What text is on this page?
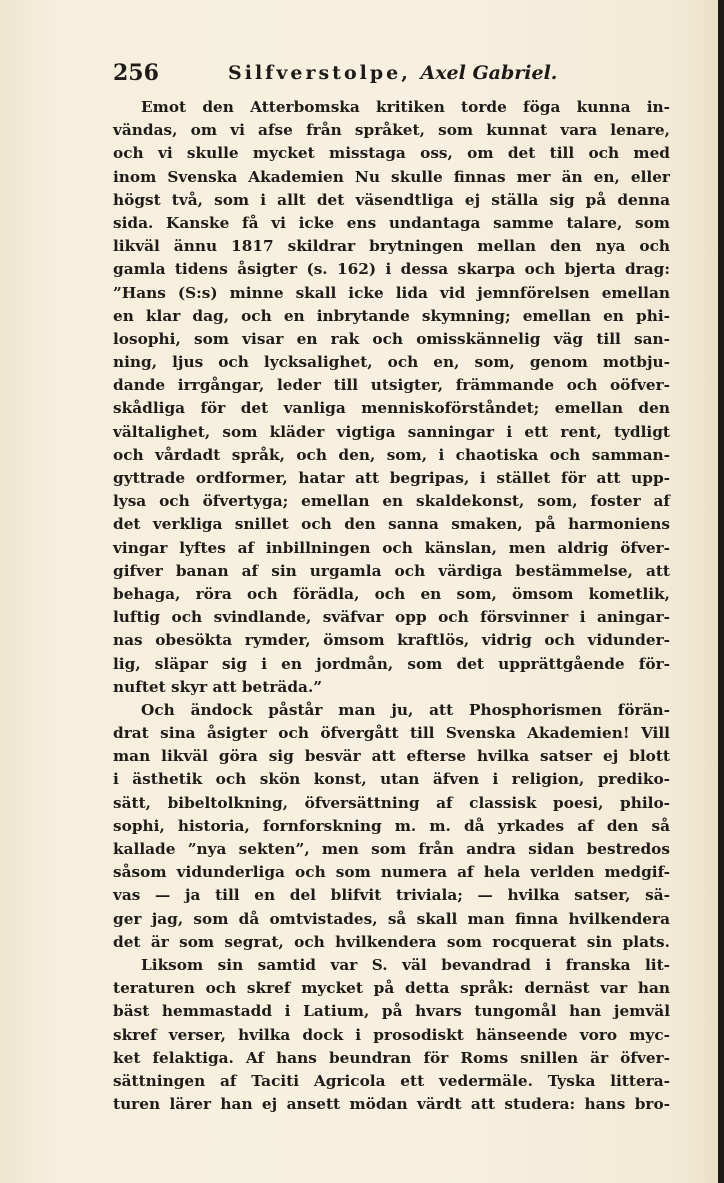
256	Silfverstolpe, Axel Gabriel.
Emot den Atterbomska kritiken torde föga kunna in-
vändas, om vi afse från språket, som kunnat vara lenare,
och vi skulle mycket misstaga oss, om det till och med
inom Svenska Akademien Nu skulle finnas mer än en, eller
högst två, som i allt det väsendtliga ej ställa sig på denna
sida. Kanske få vi icke ens undantaga samme talare, som
likväl ännu 1817 skildrar brytningen mellan den nya och
gamla tidens åsigter (s. 162) i dessa skarpa och bjerta drag:
”Hans (S:s) minne skall icke lida vid jemnförelsen emellan
en klar dag, och en inbrytande skymning; emellan en phi-
losophi, som visar en rak och omisskännelig väg till san-
ning, ljus och lycksalighet, och en, som, genom motbju-
dande irrgångar, leder till utsigter, främmande och oöfver-
skådliga för det vanliga menniskoförståndet; emellan den
vältalighet, som kläder vigtiga sanningar i ett rent, tydligt
och vårdadt språk, och den, som, i chaotiska och samman-
gyttrade ordformer, hatar att begripas, i stället för att upp-
lysa och öfvertyga; emellan en skaldekonst, som, foster af
det verkliga snillet och den sanna smaken, på harmoniens
vingar lyftes af inbillningen och känslan, men aldrig öfver-
gifver banan af sin urgamla och värdiga bestämmelse, att
behaga, röra och förädla, och en som, ömsom kometlik,
luftig och svindlande, sväfvar opp och försvinner i aningar-
nas obesökta rymder, ömsom kraftlös, vidrig och vidunder-
lig, släpar sig i en jordmån, som det upprättgående för-
nuftet skyr att beträda.”
Och ändock påstår man ju, att Phosphorismen förän-
drat sina åsigter och öfvergått till Svenska Akademien! Vill
man likväl göra sig besvär att efterse hvilka satser ej blott
i ästhetik och skön konst, utan äfven i religion, prediko-
sätt, bibeltolkning, öfversättning af classisk poesi, philo-
sophi, historia, fornforskning m. m. då yrkades af den så
kallade ”nya sekten”, men som från andra sidan bestredos
såsom vidunderliga och som numera af hela verlden medgif-
vas — ja till en del blifvit triviala; — hvilka satser, sä-
ger jag, som då omtvistades, så skall man finna hvilkendera
det är som segrat, och hvilkendera som rocquerat sin plats.
Liksom sin samtid var S. väl bevandrad i franska lit-
teraturen och skref mycket på detta språk: dernäst var han
bäst hemmastadd i Latium, på hvars tungomål han jemväl
skref verser, hvilka dock i prosodiskt hänseende voro myc-
ket felaktiga. Af hans beundran för Roms snillen är öfver-
sättningen af Taciti Agricola ett vedermäle. Tyska littera-
turen lärer han ej ansett mödan värdt att studera: hans bro-
